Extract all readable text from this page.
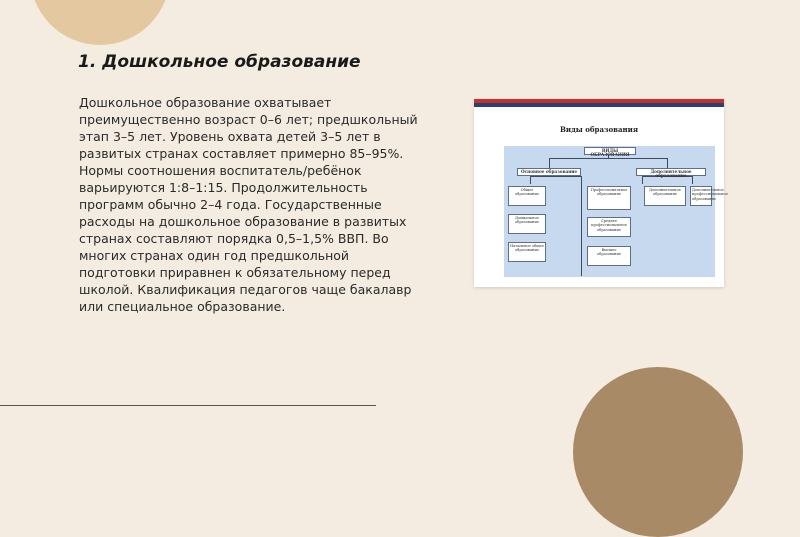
1. Дошкольное образование

Дошкольное образование охватывает преимущественно возраст 0–6 лет; предшкольный этап 3–5 лет. Уровень охвата детей 3–5 лет в развитых странах составляет примерно 85–95%. Нормы соотношения воспитатель/ребёнок варьируются 1:8–1:15. Продолжительность программ обычно 2–4 года. Государственные расходы на дошкольное образование в развитых странах составляют порядка 0,5–1,5% ВВП. Во многих странах один год предшкольной подготовки приравнен к обязательному перед школой. Квалификация педагогов чаще бакалавр или специальное образование.

Виды образования
ВИДЫ ОБРАЗОВАНИЯ
Основное образование	Дополнительное образование
Общее образование
Профессиональное образование
Дополнительное образование
Дополнительное профессиональное образование
Дошкольное образование	Среднее профессиональное образование
Начальное общее образование	Высшее образование
